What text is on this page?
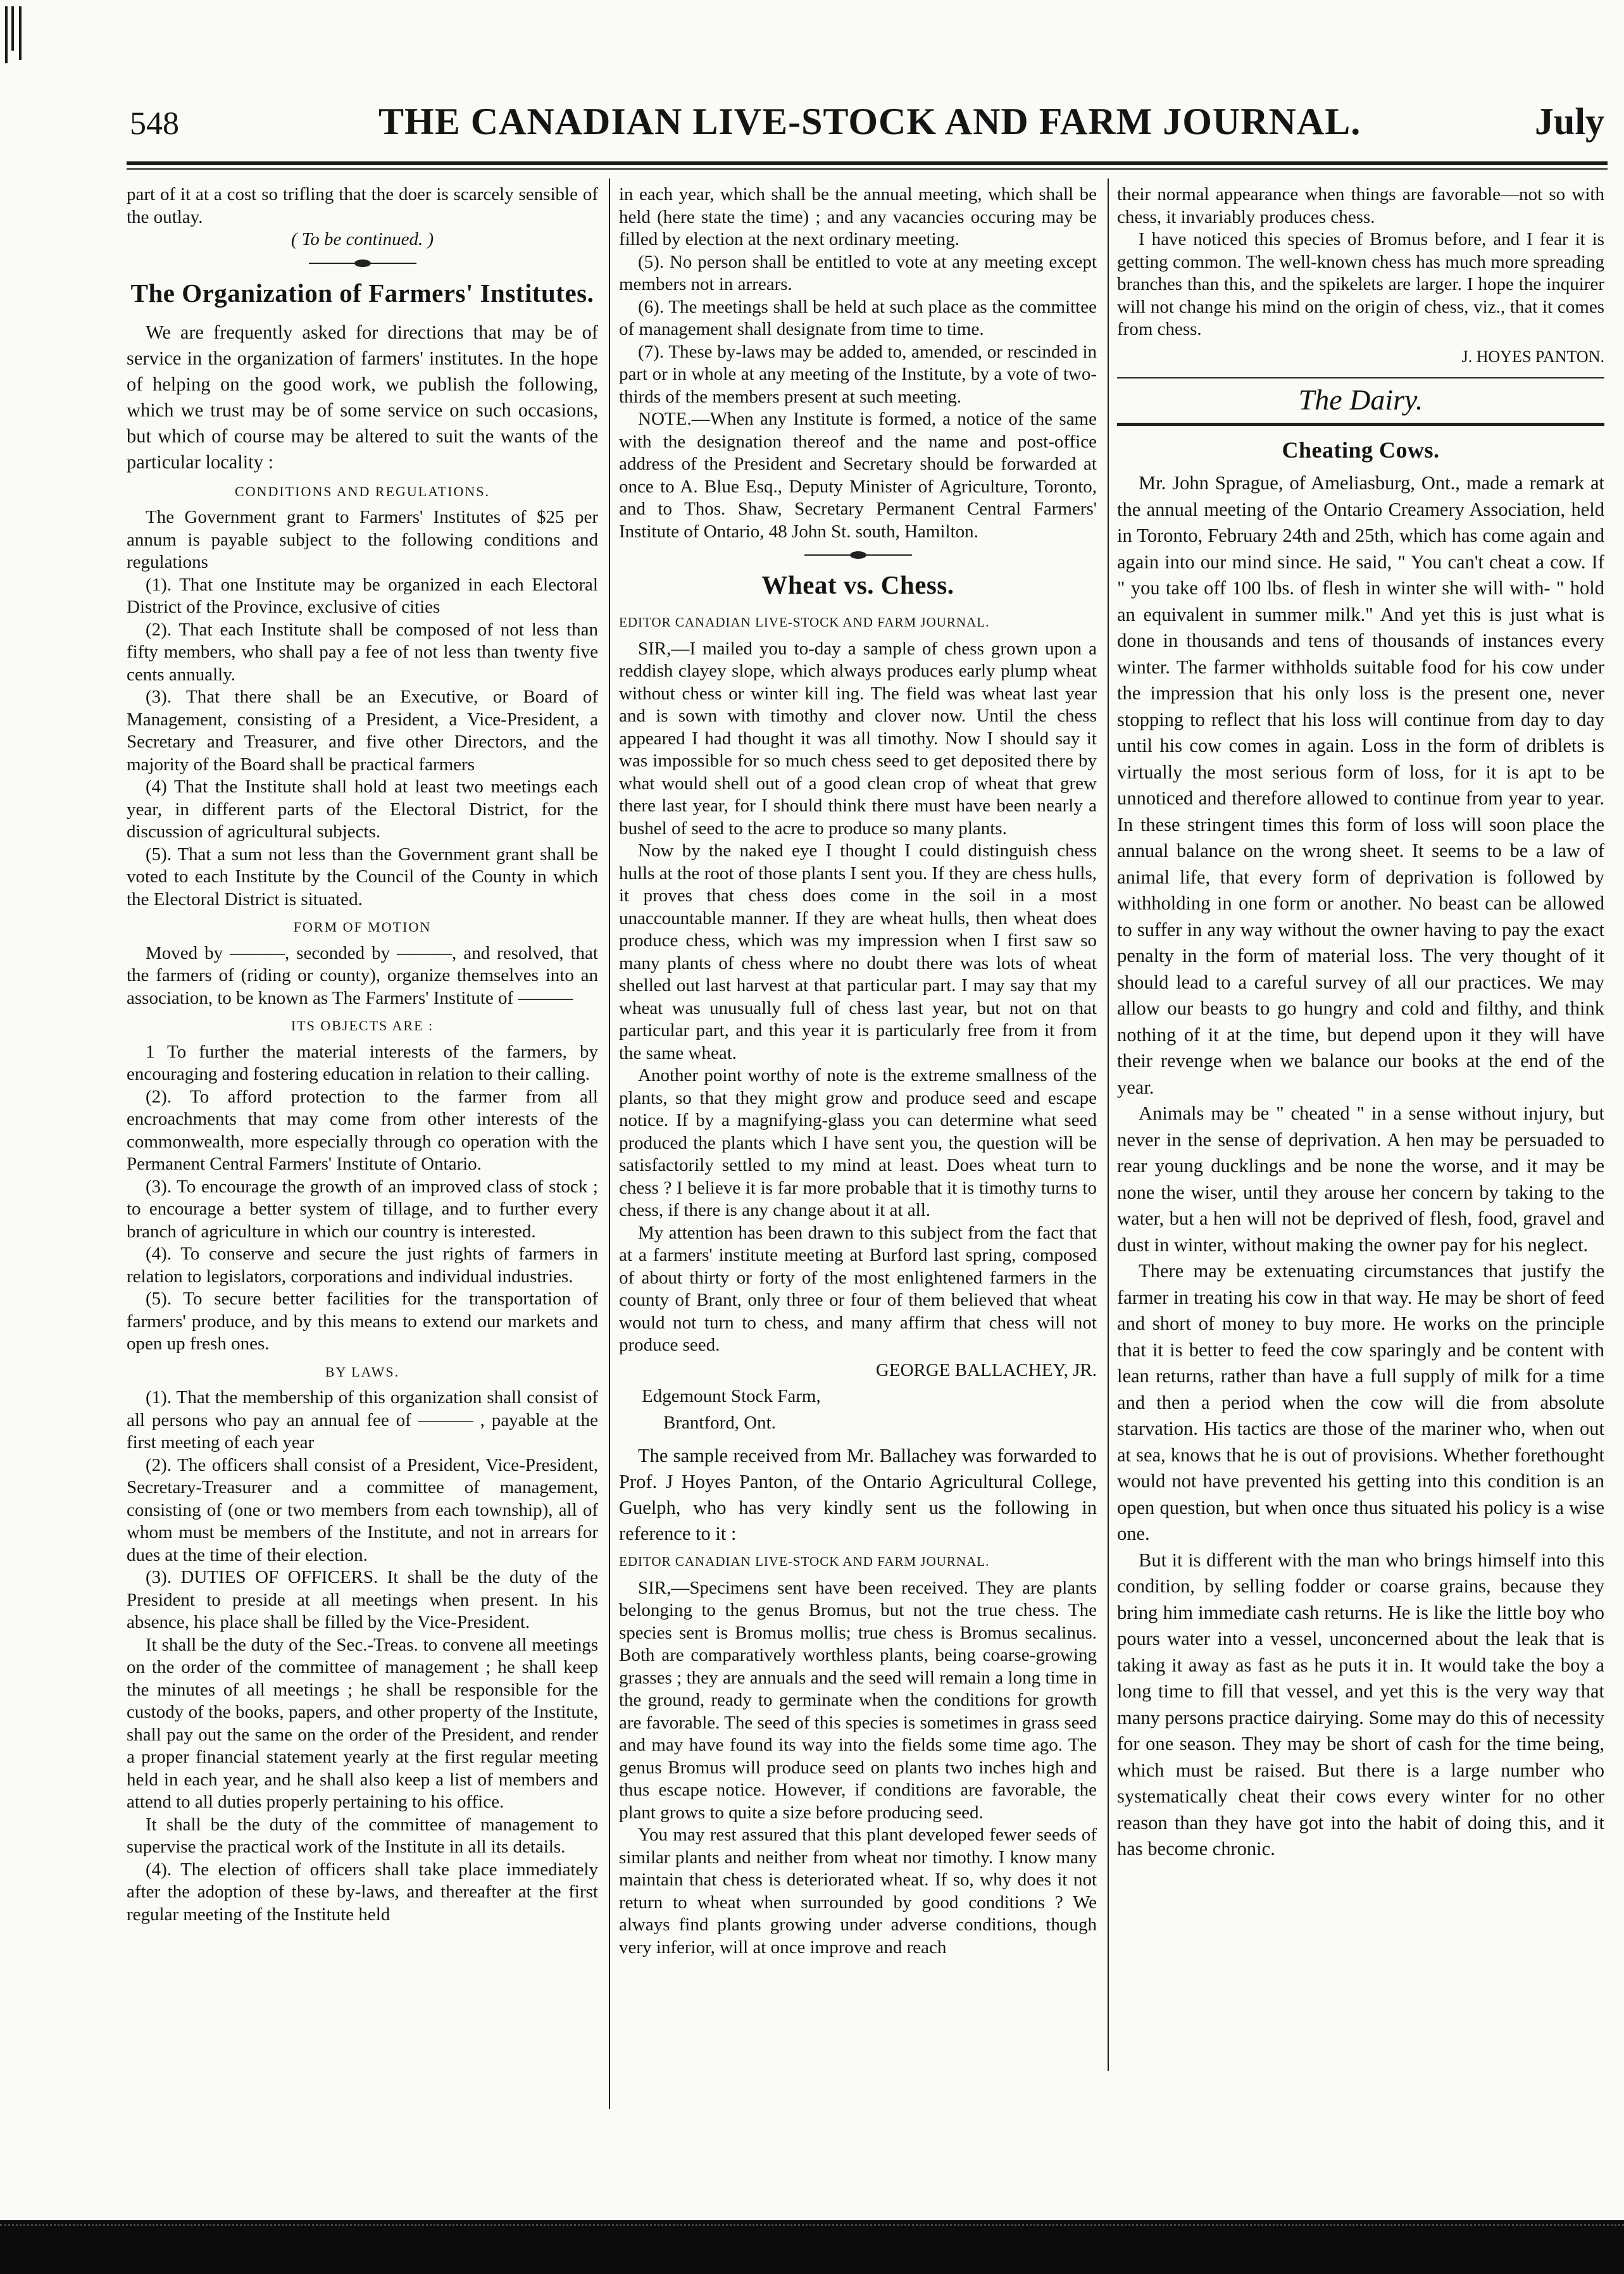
548	THE CANADIAN LIVE-STOCK AND FARM JOURNAL.	July

part of it at a cost so trifling that the doer is scarcely sensible of the outlay.

( To be continued. )

The Organization of Farmers' Institutes.

We are frequently asked for directions that may be of service in the organization of farmers' institutes. In the hope of helping on the good work, we publish the following, which we trust may be of some service on such occasions, but which of course may be altered to suit the wants of the particular locality :

CONDITIONS AND REGULATIONS.

The Government grant to Farmers' Institutes of $25 per annum is payable subject to the following conditions and regulations

(1). That one Institute may be organized in each Electoral District of the Province, exclusive of cities

(2). That each Institute shall be composed of not less than fifty members, who shall pay a fee of not less than twenty five cents annually.

(3). That there shall be an Executive, or Board of Management, consisting of a President, a Vice-President, a Secretary and Treasurer, and five other Directors, and the majority of the Board shall be practical farmers

(4) That the Institute shall hold at least two meetings each year, in different parts of the Electoral District, for the discussion of agricultural subjects.

(5). That a sum not less than the Government grant shall be voted to each Institute by the Council of the County in which the Electoral District is situated.

FORM OF MOTION

Moved by ———, seconded by ———, and resolved, that the farmers of (riding or county), organize themselves into an association, to be known as The Farmers' Institute of ———

ITS OBJECTS ARE :

1 To further the material interests of the farmers, by encouraging and fostering education in relation to their calling.

(2). To afford protection to the farmer from all encroachments that may come from other interests of the commonwealth, more especially through co operation with the Permanent Central Farmers' Institute of Ontario.

(3). To encourage the growth of an improved class of stock ; to encourage a better system of tillage, and to further every branch of agriculture in which our country is interested.

(4). To conserve and secure the just rights of farmers in relation to legislators, corporations and individual industries.

(5). To secure better facilities for the transportation of farmers' produce, and by this means to extend our markets and open up fresh ones.

BY LAWS.

(1). That the membership of this organization shall consist of all persons who pay an annual fee of ——— , payable at the first meeting of each year

(2). The officers shall consist of a President, Vice-President, Secretary-Treasurer and a committee of management, consisting of (one or two members from each township), all of whom must be members of the Institute, and not in arrears for dues at the time of their election.

(3). DUTIES OF OFFICERS. It shall be the duty of the President to preside at all meetings when present. In his absence, his place shall be filled by the Vice-President.

It shall be the duty of the Sec.-Treas. to convene all meetings on the order of the committee of management ; he shall keep the minutes of all meetings ; he shall be responsible for the custody of the books, papers, and other property of the Institute, shall pay out the same on the order of the President, and render a proper financial statement yearly at the first regular meeting held in each year, and he shall also keep a list of members and attend to all duties properly pertaining to his office.

It shall be the duty of the committee of management to supervise the practical work of the Institute in all its details.

(4). The election of officers shall take place immediately after the adoption of these by-laws, and thereafter at the first regular meeting of the Institute held

in each year, which shall be the annual meeting, which shall be held (here state the time) ; and any vacancies occuring may be filled by election at the next ordinary meeting.

(5). No person shall be entitled to vote at any meeting except members not in arrears.

(6). The meetings shall be held at such place as the committee of management shall designate from time to time.

(7). These by-laws may be added to, amended, or rescinded in part or in whole at any meeting of the Institute, by a vote of two-thirds of the members present at such meeting.

NOTE.—When any Institute is formed, a notice of the same with the designation thereof and the name and post-office address of the President and Secretary should be forwarded at once to A. Blue Esq., Deputy Minister of Agriculture, Toronto, and to Thos. Shaw, Secretary Permanent Central Farmers' Institute of Ontario, 48 John St. south, Hamilton.

Wheat vs. Chess.
EDITOR CANADIAN LIVE-STOCK AND FARM JOURNAL.

SIR,—I mailed you to-day a sample of chess grown upon a reddish clayey slope, which always produces early plump wheat without chess or winter kill ing. The field was wheat last year and is sown with timothy and clover now. Until the chess appeared I had thought it was all timothy. Now I should say it was impossible for so much chess seed to get deposited there by what would shell out of a good clean crop of wheat that grew there last year, for I should think there must have been nearly a bushel of seed to the acre to produce so many plants.

Now by the naked eye I thought I could distinguish chess hulls at the root of those plants I sent you. If they are chess hulls, it proves that chess does come in the soil in a most unaccountable manner. If they are wheat hulls, then wheat does produce chess, which was my impression when I first saw so many plants of chess where no doubt there was lots of wheat shelled out last harvest at that particular part. I may say that my wheat was unusually full of chess last year, but not on that particular part, and this year it is particularly free from it from the same wheat.

Another point worthy of note is the extreme smallness of the plants, so that they might grow and produce seed and escape notice. If by a magnifying-glass you can determine what seed produced the plants which I have sent you, the question will be satisfactorily settled to my mind at least. Does wheat turn to chess ? I believe it is far more probable that it is timothy turns to chess, if there is any change about it at all.

My attention has been drawn to this subject from the fact that at a farmers' institute meeting at Burford last spring, composed of about thirty or forty of the most enlightened farmers in the county of Brant, only three or four of them believed that wheat would not turn to chess, and many affirm that chess will not produce seed.

GEORGE BALLACHEY, JR.

Edgemount Stock Farm,

Brantford, Ont.

The sample received from Mr. Ballachey was forwarded to Prof. J Hoyes Panton, of the Ontario Agricultural College, Guelph, who has very kindly sent us the following in reference to it :

EDITOR CANADIAN LIVE-STOCK AND FARM JOURNAL.

SIR,—Specimens sent have been received. They are plants belonging to the genus Bromus, but not the true chess. The species sent is Bromus mollis; true chess is Bromus secalinus. Both are comparatively worthless plants, being coarse-growing grasses ; they are annuals and the seed will remain a long time in the ground, ready to germinate when the conditions for growth are favorable. The seed of this species is sometimes in grass seed and may have found its way into the fields some time ago. The genus Bromus will produce seed on plants two inches high and thus escape notice. However, if conditions are favorable, the plant grows to quite a size before producing seed.

You may rest assured that this plant developed fewer seeds of similar plants and neither from wheat nor timothy. I know many maintain that chess is deteriorated wheat. If so, why does it not return to wheat when surrounded by good conditions ? We always find plants growing under adverse conditions, though very inferior, will at once improve and reach

their normal appearance when things are favorable—not so with chess, it invariably produces chess.

I have noticed this species of Bromus before, and I fear it is getting common. The well-known chess has much more spreading branches than this, and the spikelets are larger. I hope the inquirer will not change his mind on the origin of chess, viz., that it comes from chess.

J. HOYES PANTON.

The Dairy.
Cheating Cows.

Mr. John Sprague, of Ameliasburg, Ont., made a remark at the annual meeting of the Ontario Creamery Association, held in Toronto, February 24th and 25th, which has come again and again into our mind since. He said, " You can't cheat a cow. If " you take off 100 lbs. of flesh in winter she will with- " hold an equivalent in summer milk." And yet this is just what is done in thousands and tens of thousands of instances every winter. The farmer withholds suitable food for his cow under the impression that his only loss is the present one, never stopping to reflect that his loss will continue from day to day until his cow comes in again. Loss in the form of driblets is virtually the most serious form of loss, for it is apt to be unnoticed and therefore allowed to continue from year to year. In these stringent times this form of loss will soon place the annual balance on the wrong sheet. It seems to be a law of animal life, that every form of deprivation is followed by withholding in one form or another. No beast can be allowed to suffer in any way without the owner having to pay the exact penalty in the form of material loss. The very thought of it should lead to a careful survey of all our practices. We may allow our beasts to go hungry and cold and filthy, and think nothing of it at the time, but depend upon it they will have their revenge when we balance our books at the end of the year.

Animals may be " cheated " in a sense without injury, but never in the sense of deprivation. A hen may be persuaded to rear young ducklings and be none the worse, and it may be none the wiser, until they arouse her concern by taking to the water, but a hen will not be deprived of flesh, food, gravel and dust in winter, without making the owner pay for his neglect.

There may be extenuating circumstances that justify the farmer in treating his cow in that way. He may be short of feed and short of money to buy more. He works on the principle that it is better to feed the cow sparingly and be content with lean returns, rather than have a full supply of milk for a time and then a period when the cow will die from absolute starvation. His tactics are those of the mariner who, when out at sea, knows that he is out of provisions. Whether forethought would not have prevented his getting into this condition is an open question, but when once thus situated his policy is a wise one.

But it is different with the man who brings himself into this condition, by selling fodder or coarse grains, because they bring him immediate cash returns. He is like the little boy who pours water into a vessel, unconcerned about the leak that is taking it away as fast as he puts it in. It would take the boy a long time to fill that vessel, and yet this is the very way that many persons practice dairying. Some may do this of necessity for one season. They may be short of cash for the time being, which must be raised. But there is a large number who systematically cheat their cows every winter for no other reason than they have got into the habit of doing this, and it has become chronic.
